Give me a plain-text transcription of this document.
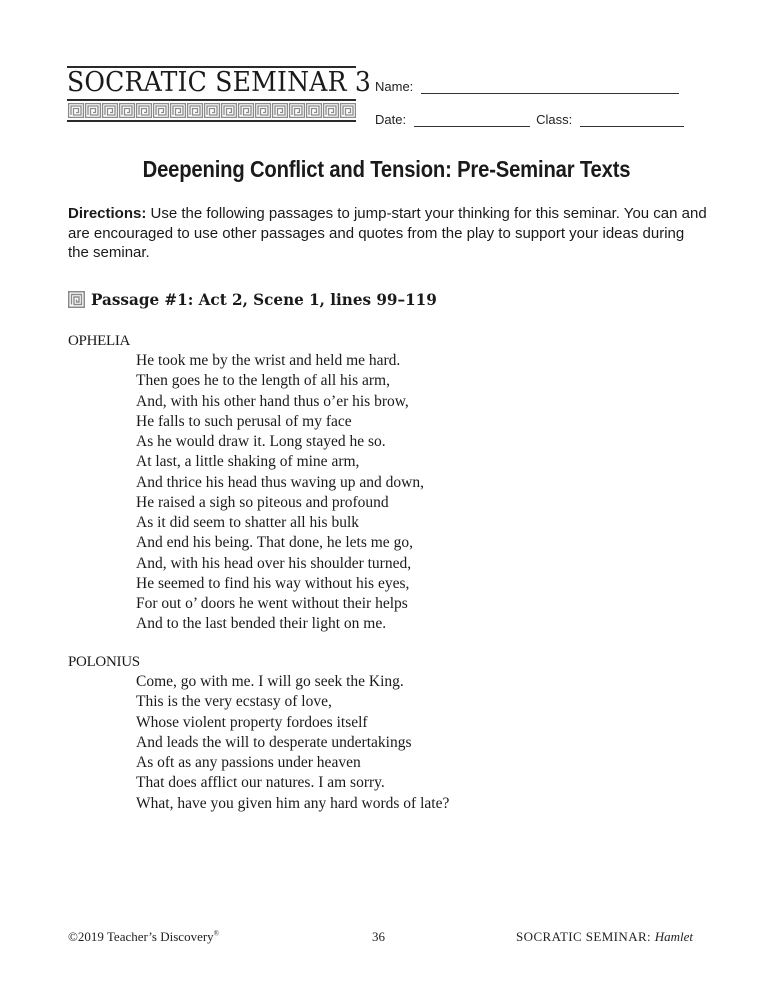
SOCRATIC SEMINAR 3 Name:
Date:	Class:
Deepening Conflict and Tension: Pre-Seminar Texts
Directions: Use the following passages to jump-start your thinking for this seminar. You can and are encouraged to use other passages and quotes from the play to support your ideas during the seminar.
Passage #1: Act 2, Scene 1, lines 99–119
OPHELIA
He took me by the wrist and held me hard.
Then goes he to the length of all his arm,
And, with his other hand thus o’er his brow,
He falls to such perusal of my face
As he would draw it. Long stayed he so.
At last, a little shaking of mine arm,
And thrice his head thus waving up and down,
He raised a sigh so piteous and profound
As it did seem to shatter all his bulk
And end his being. That done, he lets me go,
And, with his head over his shoulder turned,
He seemed to find his way without his eyes,
For out o’ doors he went without their helps
And to the last bended their light on me.
POLONIUS
Come, go with me. I will go seek the King.
This is the very ecstasy of love,
Whose violent property fordoes itself
And leads the will to desperate undertakings
As oft as any passions under heaven
That does afflict our natures. I am sorry.
What, have you given him any hard words of late?
©2019 Teacher’s Discovery®	36	SOCRATIC SEMINAR: Hamlet
